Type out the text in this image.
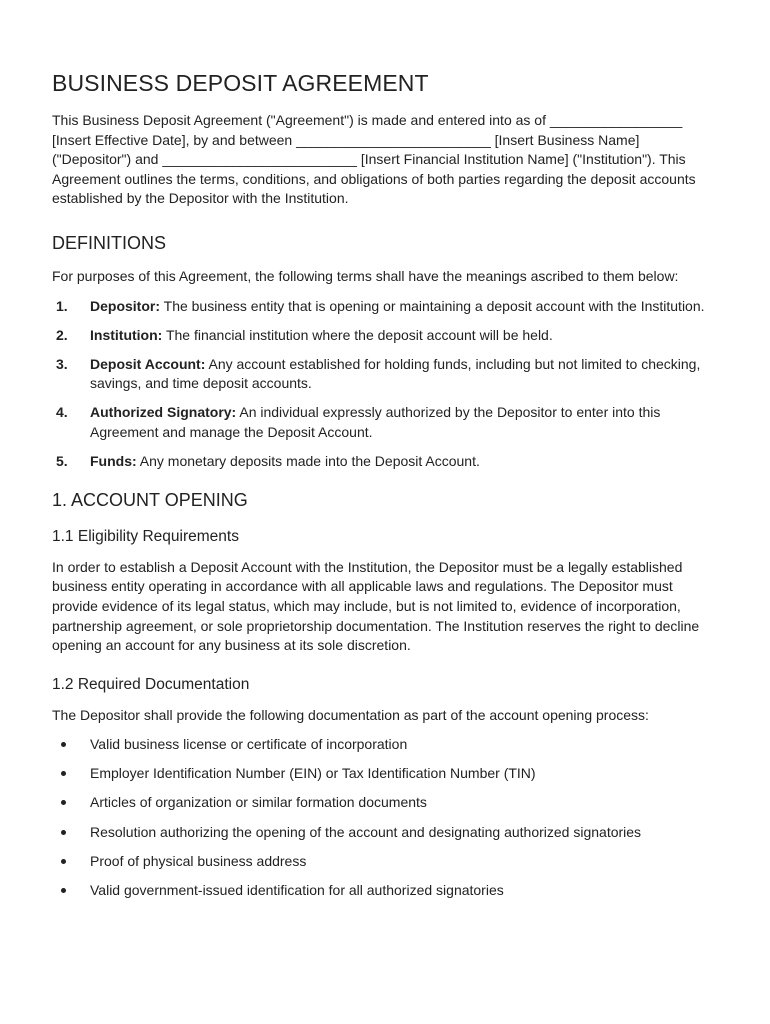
BUSINESS DEPOSIT AGREEMENT

This Business Deposit Agreement ("Agreement") is made and entered into as of _________________ [Insert Effective Date], by and between _________________________ [Insert Business Name] ("Depositor") and _________________________ [Insert Financial Institution Name] ("Institution"). This Agreement outlines the terms, conditions, and obligations of both parties regarding the deposit accounts established by the Depositor with the Institution.

DEFINITIONS

For purposes of this Agreement, the following terms shall have the meanings ascribed to them below:

1. Depositor: The business entity that is opening or maintaining a deposit account with the Institution.
2. Institution: The financial institution where the deposit account will be held.
3. Deposit Account: Any account established for holding funds, including but not limited to checking, savings, and time deposit accounts.
4. Authorized Signatory: An individual expressly authorized by the Depositor to enter into this Agreement and manage the Deposit Account.
5. Funds: Any monetary deposits made into the Deposit Account.
1. ACCOUNT OPENING
1.1 Eligibility Requirements

In order to establish a Deposit Account with the Institution, the Depositor must be a legally established business entity operating in accordance with all applicable laws and regulations. The Depositor must provide evidence of its legal status, which may include, but is not limited to, evidence of incorporation, partnership agreement, or sole proprietorship documentation. The Institution reserves the right to decline opening an account for any business at its sole discretion.

1.2 Required Documentation

The Depositor shall provide the following documentation as part of the account opening process:

Valid business license or certificate of incorporation
Employer Identification Number (EIN) or Tax Identification Number (TIN)
Articles of organization or similar formation documents
Resolution authorizing the opening of the account and designating authorized signatories
Proof of physical business address
Valid government-issued identification for all authorized signatories
